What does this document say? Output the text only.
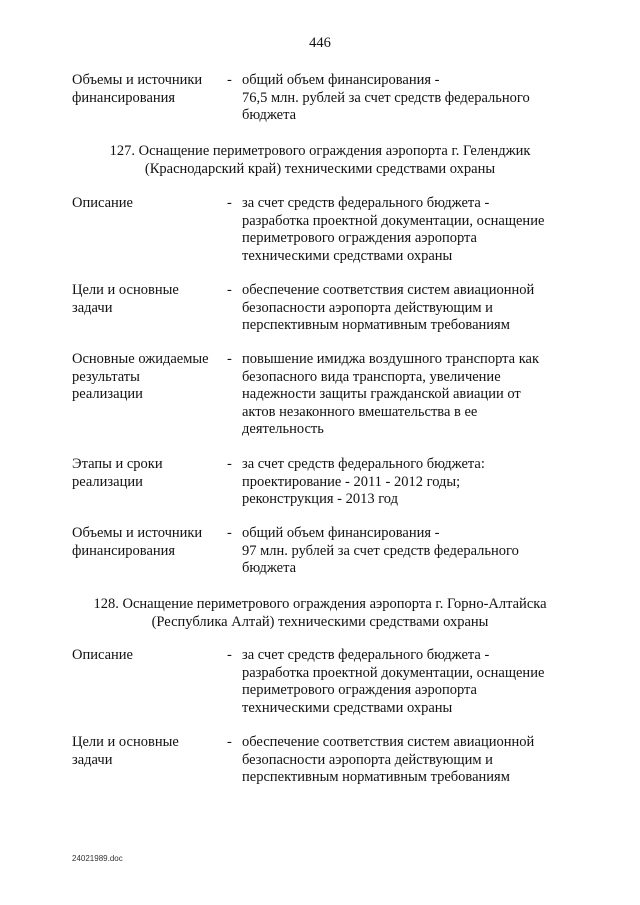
446
Объемы и источники
финансирования
- общий объем финансирования -
76,5 млн. рублей за счет средств федерального
бюджета
127. Оснащение периметрового ограждения аэропорта г. Геленджик
(Краснодарский край) техническими средствами охраны
Описание	- за счет средств федерального бюджета -
разработка проектной документации, оснащение
периметрового ограждения аэропорта
техническими средствами охраны
Цели и основные
задачи
- обеспечение соответствия систем авиационной
безопасности аэропорта действующим и
перспективным нормативным требованиям
Основные ожидаемые
результаты
реализации
- повышение имиджа воздушного транспорта как
безопасного вида транспорта, увеличение
надежности защиты гражданской авиации от
актов незаконного вмешательства в ее
деятельность
Этапы и сроки
реализации
- за счет средств федерального бюджета:
проектирование - 2011 - 2012 годы;
реконструкция - 2013 год
Объемы и источники
финансирования
- общий объем финансирования -
97 млн. рублей за счет средств федерального
бюджета
128. Оснащение периметрового ограждения аэропорта г. Горно-Алтайска
(Республика Алтай) техническими средствами охраны
Описание	- за счет средств федерального бюджета -
разработка проектной документации, оснащение
периметрового ограждения аэропорта
техническими средствами охраны
Цели и основные
задачи
- обеспечение соответствия систем авиационной
безопасности аэропорта действующим и
перспективным нормативным требованиям
24021989.doc
